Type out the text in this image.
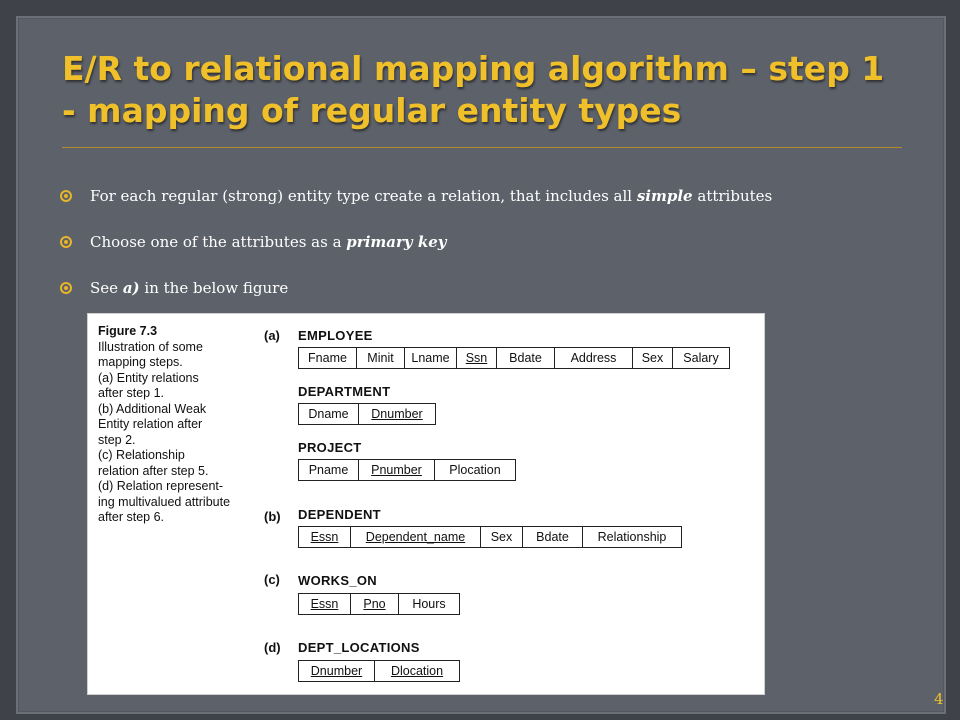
E/R to relational mapping algorithm – step 1
- mapping of regular entity types
For each regular (strong) entity type create a relation, that includes all simple attributes
Choose one of the attributes as a primary key
See a) in the below figure
Figure 7.3
Illustration of some
mapping steps.
(a) Entity relations
after step 1.
(b) Additional Weak
Entity relation after
step 2.
(c) Relationship
relation after step 5.
(d) Relation represent-
ing multivalued attribute
after step 6.
(a)
(b)
(c)
(d)
EMPLOYEE
Fname	Minit	Lname	Ssn	Bdate	Address	Sex	Salary
DEPARTMENT
Dname	Dnumber
PROJECT
Pname	Pnumber	Plocation
DEPENDENT
Essn	Dependent_name	Sex	Bdate	Relationship
WORKS_ON
Essn	Pno	Hours
DEPT_LOCATIONS
Dnumber	Dlocation
4
